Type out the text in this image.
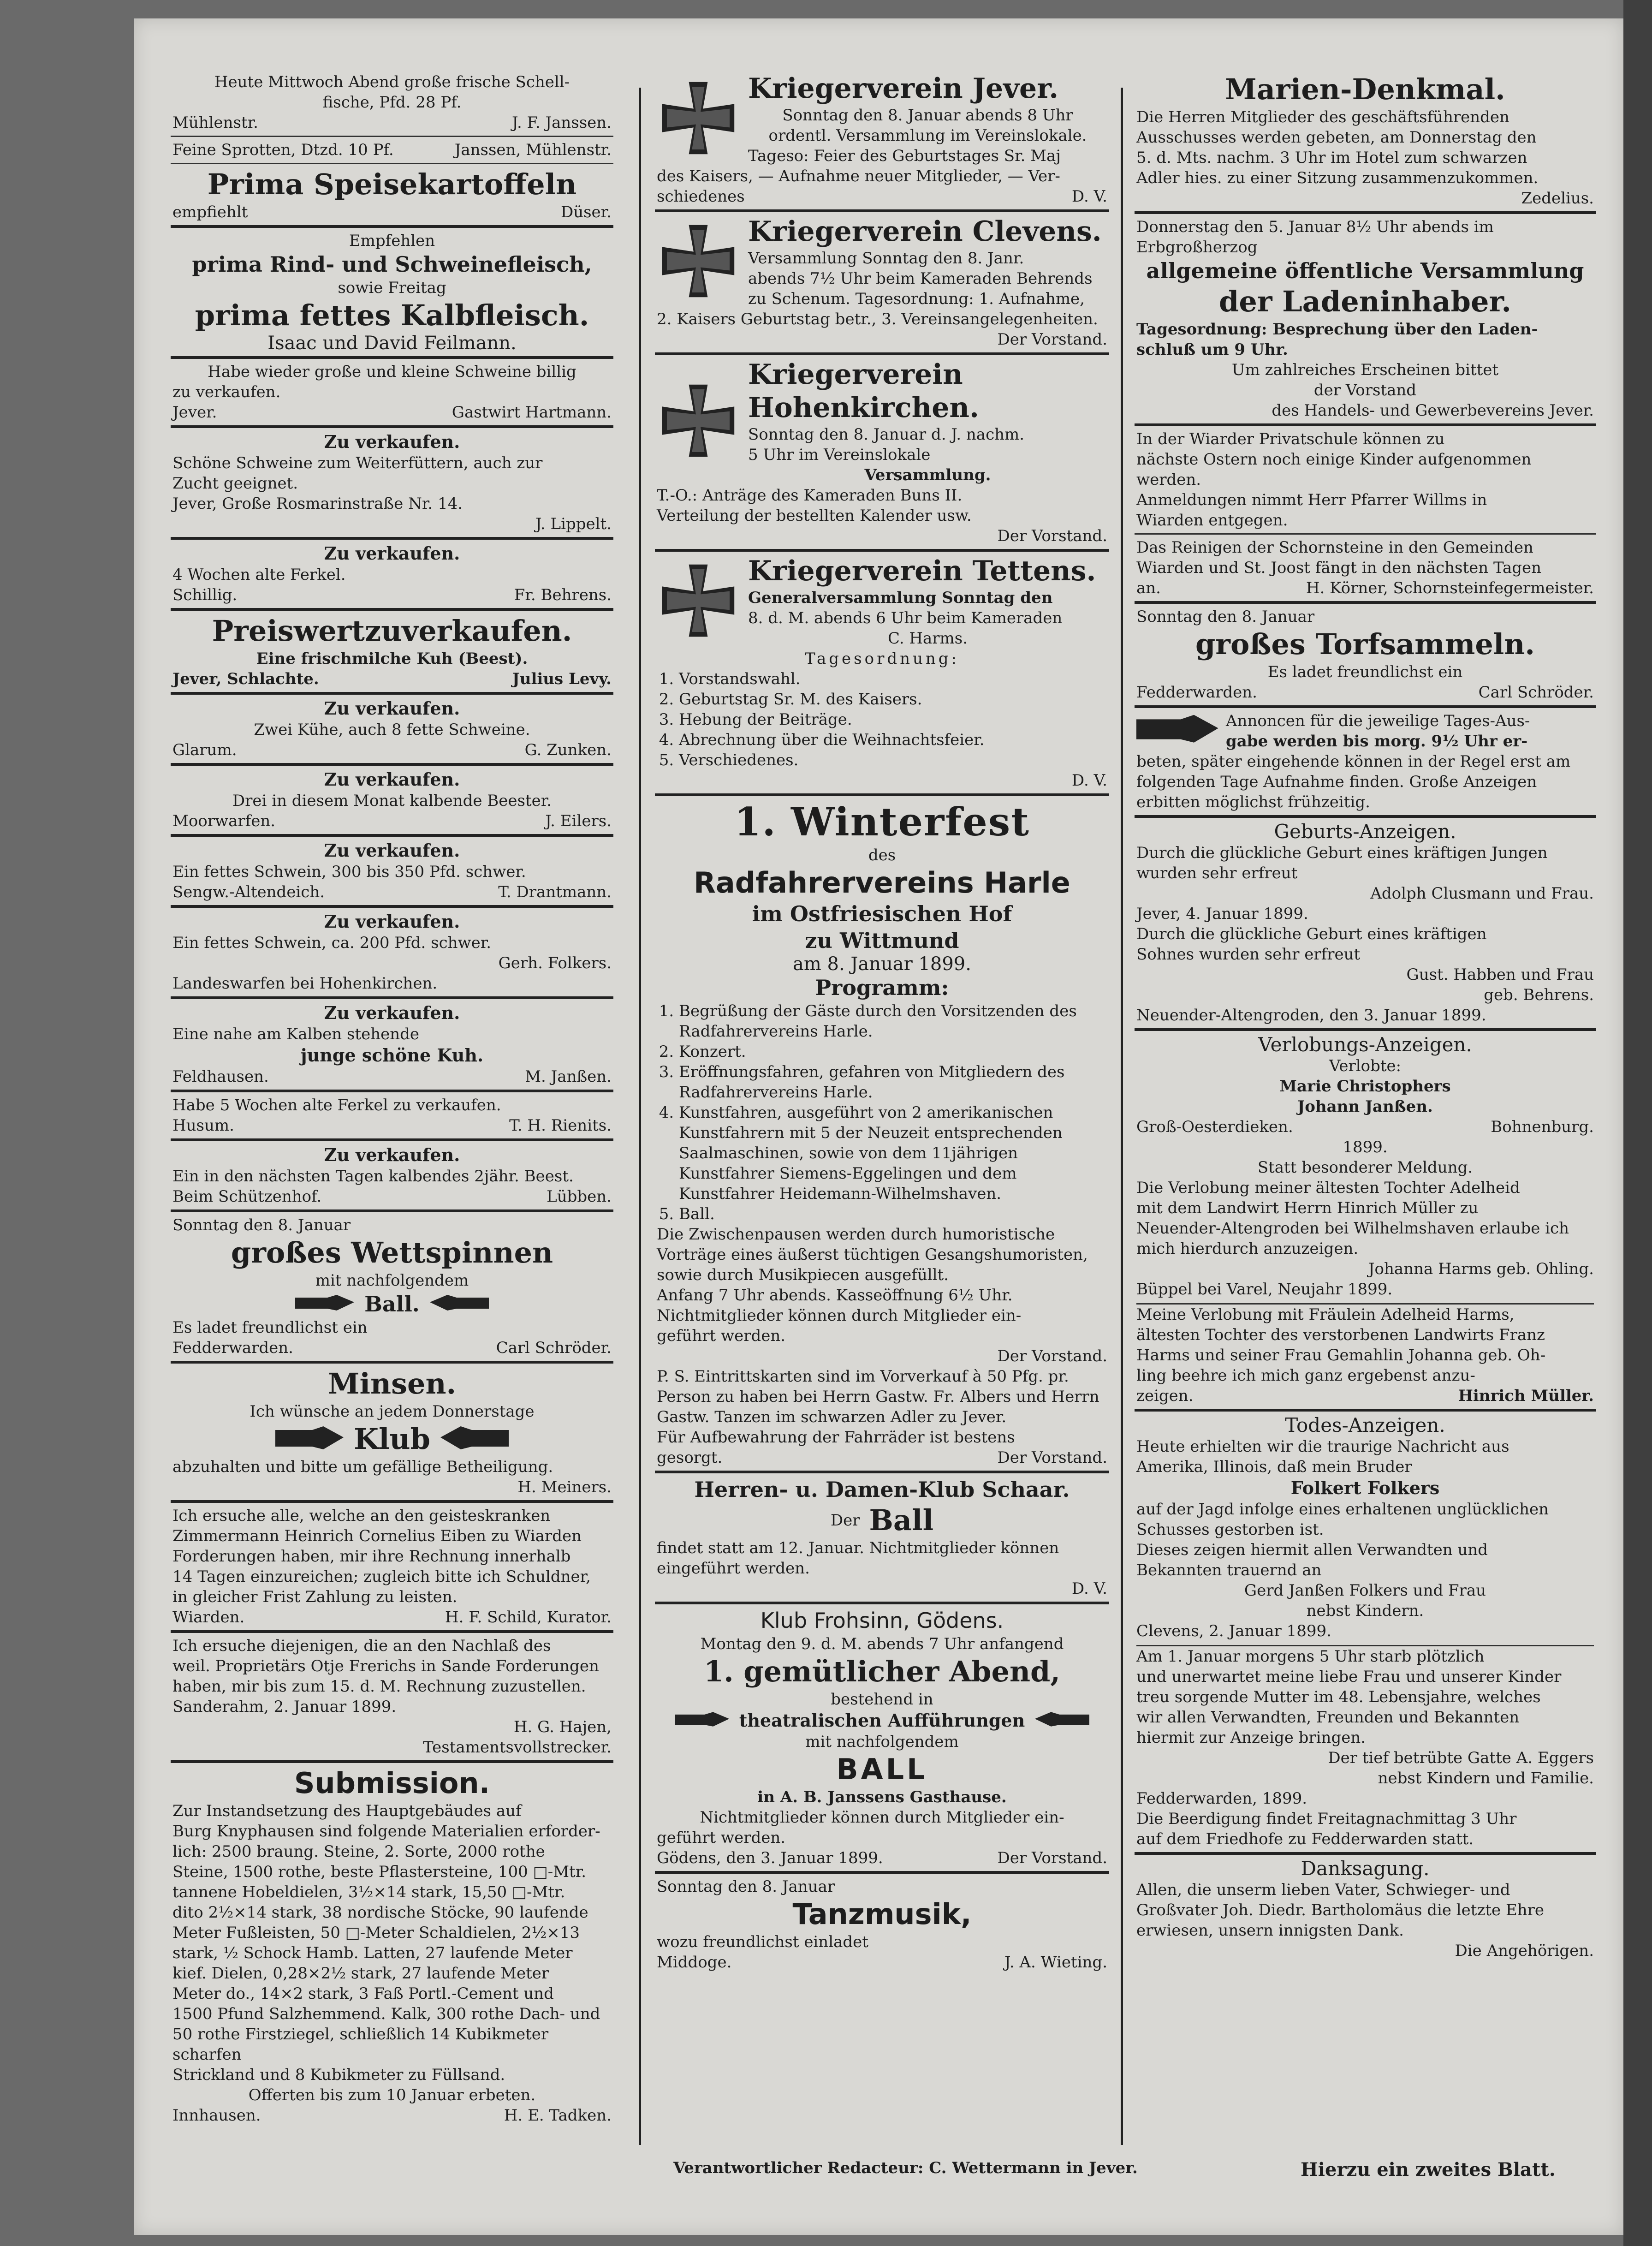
Heute Mittwoch Abend große frische Schell-

fische, Pfd. 28 Pf.

Mühlenstr.	J. F. Janssen.
Feine Sprotten, Dtzd. 10 Pf.	Janssen, Mühlenstr.
Prima Speisekartoffeln
empfiehlt	Düser.

Empfehlen

prima Rind- und Schweinefleisch,

sowie Freitag

prima fettes Kalbfleisch.

Isaac und David Feilmann.

Habe wieder große und kleine Schweine billig

zu verkaufen.

Jever.	Gastwirt Hartmann.
Zu verkaufen.

Schöne Schweine zum Weiterfüttern, auch zur

Zucht geeignet.

Jever, Große Rosmarinstraße Nr. 14.

J. Lippelt.

Zu verkaufen.

4 Wochen alte Ferkel.

Schillig.	Fr. Behrens.
Preiswertzuverkaufen.

Eine frischmilche Kuh (Beest).

Jever, Schlachte.	Julius Levy.
Zu verkaufen.

Zwei Kühe, auch 8 fette Schweine.

Glarum.	G. Zunken.
Zu verkaufen.

Drei in diesem Monat kalbende Beester.

Moorwarfen.	J. Eilers.
Zu verkaufen.

Ein fettes Schwein, 300 bis 350 Pfd. schwer.

Sengw.-Altendeich.	T. Drantmann.
Zu verkaufen.

Ein fettes Schwein, ca. 200 Pfd. schwer.

Gerh. Folkers.

Landeswarfen bei Hohenkirchen.

Zu verkaufen.

Eine nahe am Kalben stehende

junge schöne Kuh.
Feldhausen.	M. Janßen.

Habe 5 Wochen alte Ferkel zu verkaufen.

Husum.	T. H. Rienits.
Zu verkaufen.

Ein in den nächsten Tagen kalbendes 2jähr. Beest.

Beim Schützenhof.	Lübben.

Sonntag den 8. Januar

großes Wettspinnen

mit nachfolgendem

Ball.

Es ladet freundlichst ein

Fedderwarden.	Carl Schröder.
Minsen.

Ich wünsche an jedem Donnerstage

Klub

abzuhalten und bitte um gefällige Betheiligung.

H. Meiners.

Ich ersuche alle, welche an den geisteskranken

Zimmermann Heinrich Cornelius Eiben zu Wiarden

Forderungen haben, mir ihre Rechnung innerhalb

14 Tagen einzureichen; zugleich bitte ich Schuldner,

in gleicher Frist Zahlung zu leisten.

Wiarden.	H. F. Schild, Kurator.

Ich ersuche diejenigen, die an den Nachlaß des

weil. Proprietärs Otje Frerichs in Sande Forderungen

haben, mir bis zum 15. d. M. Rechnung zuzustellen.

Sanderahm, 2. Januar 1899.

H. G. Hajen,

Testamentsvollstrecker.

Submission.

Zur Instandsetzung des Hauptgebäudes auf

Burg Knyphausen sind folgende Materialien erforder-

lich: 2500 braung. Steine, 2. Sorte, 2000 rothe

Steine, 1500 rothe, beste Pflastersteine, 100 □-Mtr.

tannene Hobeldielen, 3½×14 stark, 15,50 □-Mtr.

dito 2½×14 stark, 38 nordische Stöcke, 90 laufende

Meter Fußleisten, 50 □-Meter Schaldielen, 2½×13

stark, ½ Schock Hamb. Latten, 27 laufende Meter

kief. Dielen, 0,28×2½ stark, 27 laufende Meter

Meter do., 14×2 stark, 3 Faß Portl.-Cement und

1500 Pfund Salzhemmend. Kalk, 300 rothe Dach- und

50 rothe Firstziegel, schließlich 14 Kubikmeter scharfen

Strickland und 8 Kubikmeter zu Füllsand.

Offerten bis zum 10 Januar erbeten.

Innhausen.	H. E. Tadken.
Kriegerverein Jever.

Sonntag den 8. Januar abends 8 Uhr

ordentl. Versammlung im Vereinslokale.

Tagesо: Feier des Geburtstages Sr. Maj

des Kaisers, — Aufnahme neuer Mitglieder, — Ver-

schiedenes	D. V.
Kriegerverein Clevens.

Versammlung Sonntag den 8. Janr.

abends 7½ Uhr beim Kameraden Behrends

zu Schenum. Tagesordnung: 1. Aufnahme,

2. Kaisers Geburtstag betr., 3. Vereinsangelegenheiten.

Der Vorstand.

Kriegerverein Hohenkirchen.

Sonntag den 8. Januar d. J. nachm.

5 Uhr im Vereinslokale

Versammlung.

T.-O.: Anträge des Kameraden Buns II.

Verteilung der bestellten Kalender usw.

Der Vorstand.

Kriegerverein Tettens.

Generalversammlung Sonntag den

8. d. M. abends 6 Uhr beim Kameraden

C. Harms.

Tagesordnung:

1. Vorstandswahl.
2. Geburtstag Sr. M. des Kaisers.
3. Hebung der Beiträge.
4. Abrechnung über die Weihnachtsfeier.
5. Verschiedenes.

D. V.

1. Winterfest

des

Radfahrervereins Harle
im Ostfriesischen Hof
zu Wittmund

am 8. Januar 1899.

Programm:
1. Begrüßung der Gäste durch den Vorsitzenden des Radfahrervereins Harle.
2. Konzert.
3. Eröffnungsfahren, gefahren von Mitgliedern des Radfahrervereins Harle.
4. Kunstfahren, ausgeführt von 2 amerikanischen Kunstfahrern mit 5 der Neuzeit entsprechenden Saalmaschinen, sowie von dem 11jährigen Kunstfahrer Siemens-Eggelingen und dem Kunstfahrer Heidemann-Wilhelmshaven.
5. Ball.

Die Zwischenpausen werden durch humoristische Vorträge eines äußerst tüchtigen Gesangshumoristen, sowie durch Musikpiecen ausgefüllt.

Anfang 7 Uhr abends. Kasseöffnung 6½ Uhr.

Nichtmitglieder können durch Mitglieder ein-

geführt werden.

Der Vorstand.

P. S. Eintrittskarten sind im Vorverkauf à 50 Pfg. pr. Person zu haben bei Herrn Gastw. Fr. Albers und Herrn Gastw. Tanzen im schwarzen Adler zu Jever.

Für Aufbewahrung der Fahrräder ist bestens

gesorgt.	Der Vorstand.
Herren- u. Damen-Klub Schaar.
Der Ball

findet statt am 12. Januar. Nichtmitglieder können

eingeführt werden.

D. V.

Klub Frohsinn, Gödens.

Montag den 9. d. M. abends 7 Uhr anfangend

1. gemütlicher Abend,

bestehend in

theatralischen Aufführungen

mit nachfolgendem

BALL

in A. B. Janssens Gasthause.

Nichtmitglieder können durch Mitglieder ein-

geführt werden.

Gödens, den 3. Januar 1899.	Der Vorstand.

Sonntag den 8. Januar

Tanzmusik,

wozu freundlichst einladet

Middoge.	J. A. Wieting.
Marien-Denkmal.

Die Herren Mitglieder des geschäftsführenden

Ausschusses werden gebeten, am Donnerstag den

5. d. Mts. nachm. 3 Uhr im Hotel zum schwarzen

Adler hies. zu einer Sitzung zusammenzukommen.

Zedelius.

Donnerstag den 5. Januar 8½ Uhr abends im

Erbgroßherzog

allgemeine öffentliche Versammlung
der Ladeninhaber.

Tagesordnung: Besprechung über den Laden-

schluß um 9 Uhr.

Um zahlreiches Erscheinen bittet

der Vorstand

des Handels- und Gewerbevereins Jever.

In der Wiarder Privatschule können zu

nächste Ostern noch einige Kinder aufgenommen

werden.

Anmeldungen nimmt Herr Pfarrer Willms in

Wiarden entgegen.

Das Reinigen der Schornsteine in den Gemeinden

Wiarden und St. Joost fängt in den nächsten Tagen

an.	H. Körner, Schornsteinfegermeister.

Sonntag den 8. Januar

großes Torfsammeln.

Es ladet freundlichst ein

Fedderwarden.	Carl Schröder.

Annoncen für die jeweilige Tages-Aus-

gabe werden bis morg. 9½ Uhr er-

beten, später eingehende können in der Regel erst am

folgenden Tage Aufnahme finden. Große Anzeigen

erbitten möglichst frühzeitig.

Geburts-Anzeigen.

Durch die glückliche Geburt eines kräftigen Jungen

wurden sehr erfreut

Adolph Clusmann und Frau.

Jever, 4. Januar 1899.

Durch die glückliche Geburt eines kräftigen

Sohnes wurden sehr erfreut

Gust. Habben und Frau

geb. Behrens.

Neuender-Altengroden, den 3. Januar 1899.

Verlobungs-Anzeigen.

Verlobte:

Marie Christophers

Johann Janßen.

Groß-Oesterdieken.	Bohnenburg.

1899.

Statt besonderer Meldung.

Die Verlobung meiner ältesten Tochter Adelheid

mit dem Landwirt Herrn Hinrich Müller zu

Neuender-Altengroden bei Wilhelmshaven erlaube ich

mich hierdurch anzuzeigen.

Johanna Harms geb. Ohling.

Büppel bei Varel, Neujahr 1899.

Meine Verlobung mit Fräulein Adelheid Harms,

ältesten Tochter des verstorbenen Landwirts Franz

Harms und seiner Frau Gemahlin Johanna geb. Oh-

ling beehre ich mich ganz ergebenst anzu-

zeigen.	Hinrich Müller.
Todes-Anzeigen.

Heute erhielten wir die traurige Nachricht aus

Amerika, Illinois, daß mein Bruder

Folkert Folkers

auf der Jagd infolge eines erhaltenen unglücklichen

Schusses gestorben ist.

Dieses zeigen hiermit allen Verwandten und

Bekannten trauernd an

Gerd Janßen Folkers und Frau

nebst Kindern.

Clevens, 2. Januar 1899.

Am 1. Januar morgens 5 Uhr starb plötzlich

und unerwartet meine liebe Frau und unserer Kinder

treu sorgende Mutter im 48. Lebensjahre, welches

wir allen Verwandten, Freunden und Bekannten

hiermit zur Anzeige bringen.

Der tief betrübte Gatte A. Eggers

nebst Kindern und Familie.

Fedderwarden, 1899.

Die Beerdigung findet Freitagnachmittag 3 Uhr

auf dem Friedhofe zu Fedderwarden statt.

Danksagung.

Allen, die unserm lieben Vater, Schwieger- und

Großvater Joh. Diedr. Bartholomäus die letzte Ehre

erwiesen, unsern innigsten Dank.

Die Angehörigen.

Verantwortlicher Redacteur: C. Wettermann in Jever.	Hierzu ein zweites Blatt.
